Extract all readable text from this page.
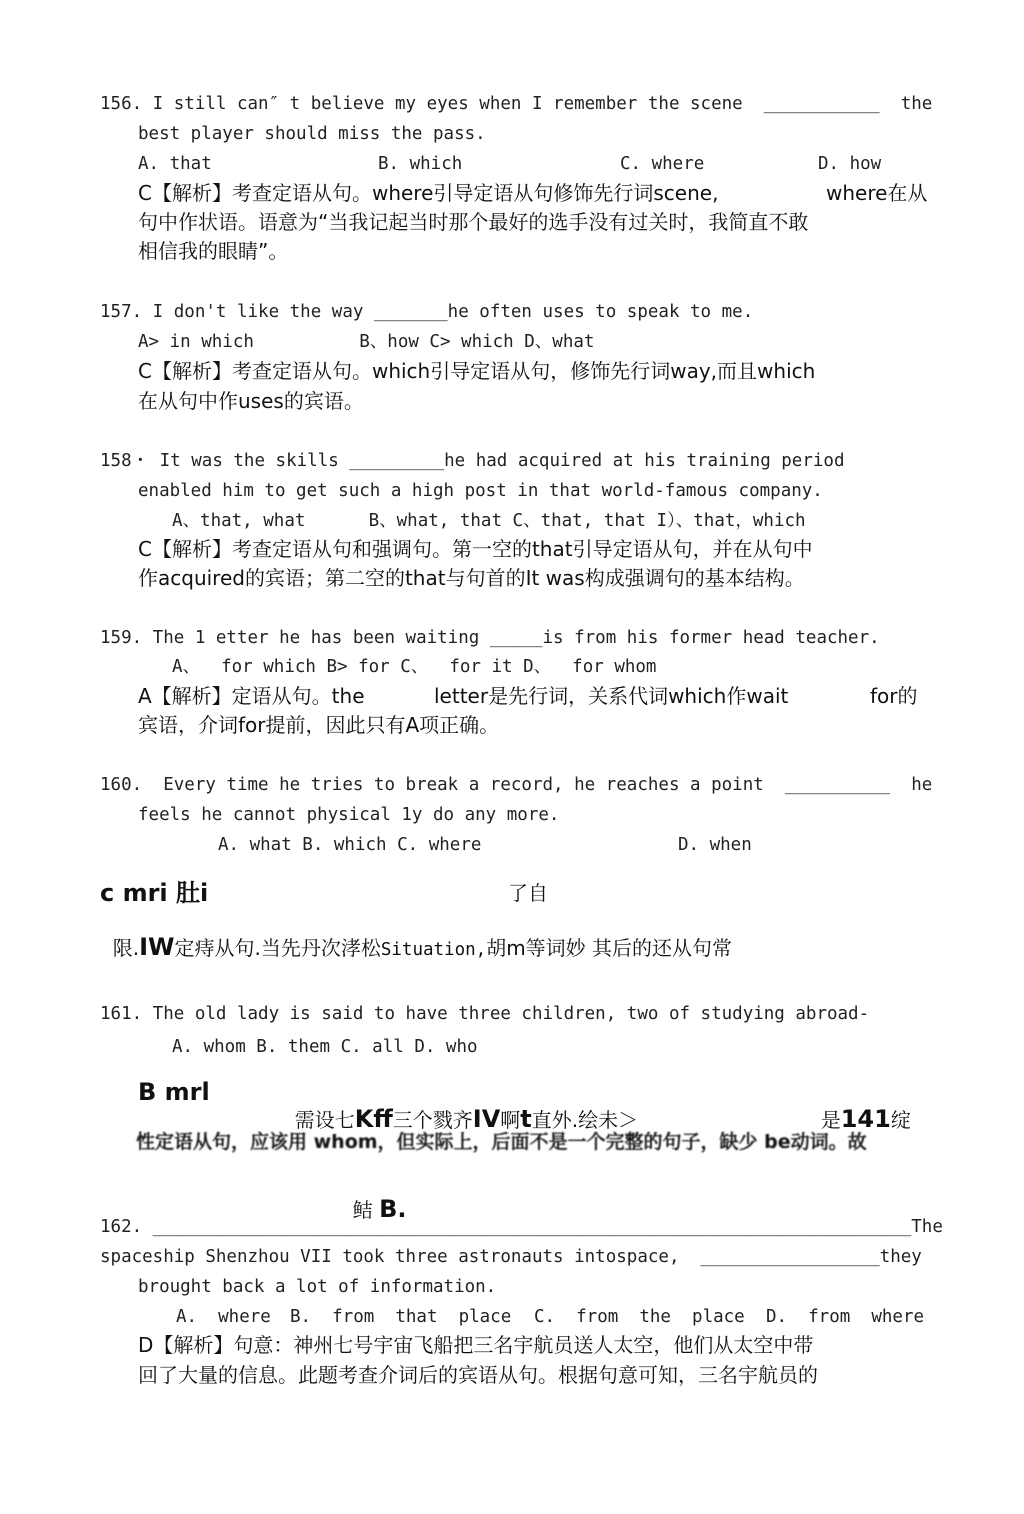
156. I still can″ t believe my eyes when I remember the scene  ___________  the
best player should miss the pass.
A. that	B. which	C. where	D. how
C【解析】考查定语从句。where引导定语从句修饰先行词scene,	where在从
句中作状语。语意为“当我记起当时那个最好的选手没有过关时，我简直不敢
相信我的眼睛”。
157. I don't like the way _______he often uses to speak to me.
A> in which          B、how C> which D、what
C【解析】考查定语从句。which引导定语从句，修饰先行词way,而且which
在从句中作uses的宾语。
158・ It was the skills _________he had acquired at his training period
enabled him to get such a high post in that world-famous company.
A、that, what      B、what, that C、that, that I）、that，which
C【解析】考查定语从句和强调句。第一空的that引导定语从句，并在从句中
作acquired的宾语；第二空的that与句首的It was构成强调句的基本结构。
159. The 1 etter he has been waiting _____is from his former head teacher.
A、  for which B> for C、  for it D、  for whom
A【解析】定语从句。the	letter是先行词，关系代词which作wait	for的
宾语，介词for提前，因此只有A项正确。
160.  Every time he tries to break a record, he reaches a point  __________  he
feels he cannot physical 1y do any more.
A. what B. which C. where	D. when
c mri 肚i	了自

限.IW定痔从句.当先丹次涍松Situation,胡m等词妙 其后的还从句常

161. The old lady is said to have three children, two of studying abroad-
A. whom B. them C. all D. who
B mrl

需设七Kff三个戮齐IV啊t直外.绘未＞	是141绽

性定语从句，应该用 whom，但实际上，后面不是一个完整的句子，缺少 be动词。故

鲒 B.

162. ________________________________________________________________________The
spaceship Shenzhou VII took three astronauts intospace,  _________________they
brought back a lot of information.
A.  where B.  from  that  place C.  from  the  place D.  from  where
D【解析】句意：神州七号宇宙飞船把三名宇航员送人太空，他们从太空中带
回了大量的信息。此题考查介词后的宾语从句。根据句意可知，三名宇航员的
